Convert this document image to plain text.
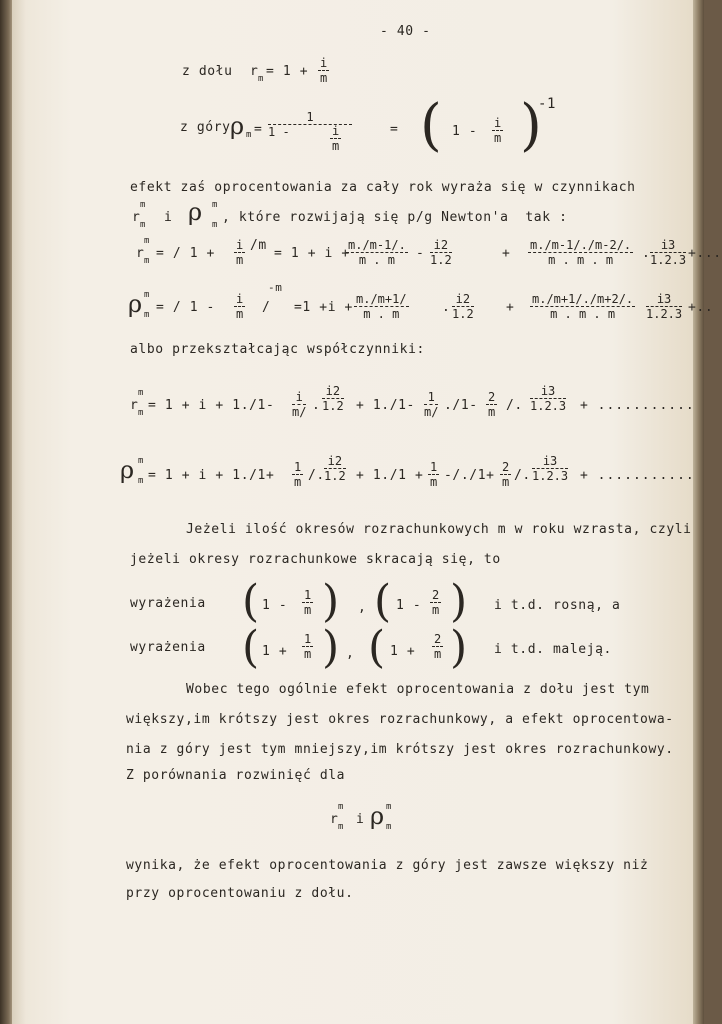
- 40 -
z dołu r $m = 1 + \frac{i}{m}$
z góry ρ $m = \frac{1}{1 -}$
$\frac{i}{m}$	= ( $1 - \frac{i}{m}$ )
-1
efekt zaś oprocentowania za cały rok wyraża się w czynnikach
r
m
m i ρ m
m , które rozwijają się p/g Newton'a  tak :
r
m
m = / $1 + \frac{i}{m} /m$
= 1 + i +
$\frac{m./m-1/.}{m . m} - \frac{i2}{1.2}$	+ $\frac{m./m-1/./m-2/.}{m . m . m}$ . $\frac{i3}{1.2.3}$ +...
ρ m
m = / $1 - \frac{i}{m}$ /
-m
=1 +i +
$\frac{m./m+1/}{m . m}$	. $\frac{i2}{1.2} + \frac{m./m+1/./m+2/.}{m . m . m} \frac{i3}{1.2.3}$ +..
albo przekształcając współczynniki:
r
m
$m = 1 + i + 1./1- \frac{i}{m/}$ . $\frac{i2}{1.2} + 1./1- \frac{1}{m/} ./1- \frac{2}{m}$ /. $\frac{i3}{1.2.3}$ + ...........
ρ m
$m = 1 + i + 1./1+ \frac{1}{m}$ /. $\frac{i2}{1.2} + 1./1 + \frac{1}{m} -/./1+$
$\frac{2}{m}$ /. $\frac{i3}{1.2.3}$ + ...........
Jeżeli ilość okresów rozrachunkowych m w roku wzrasta, czyli
jeżeli okresy rozrachunkowe skracają się, to
wyrażenia ( $1 - \frac{1}{m}$ ) , ( $1 - \frac{2}{m}$ ) i t.d. rosną, a
wyrażenia ( $1 + \frac{1}{m}$ ) , ( $1 + \frac{2}{m}$ ) i t.d. maleją.
Wobec tego ogólnie efekt oprocentowania z dołu jest tym
większy,im krótszy jest okres rozrachunkowy, a efekt oprocentowa-
nia z góry jest tym mniejszy,im krótszy jest okres rozrachunkowy.
Z porównania rozwinięć dla
r
m
m i ρ m
m
wynika, że efekt oprocentowania z góry jest zawsze większy niż
przy oprocentowaniu z dołu.
